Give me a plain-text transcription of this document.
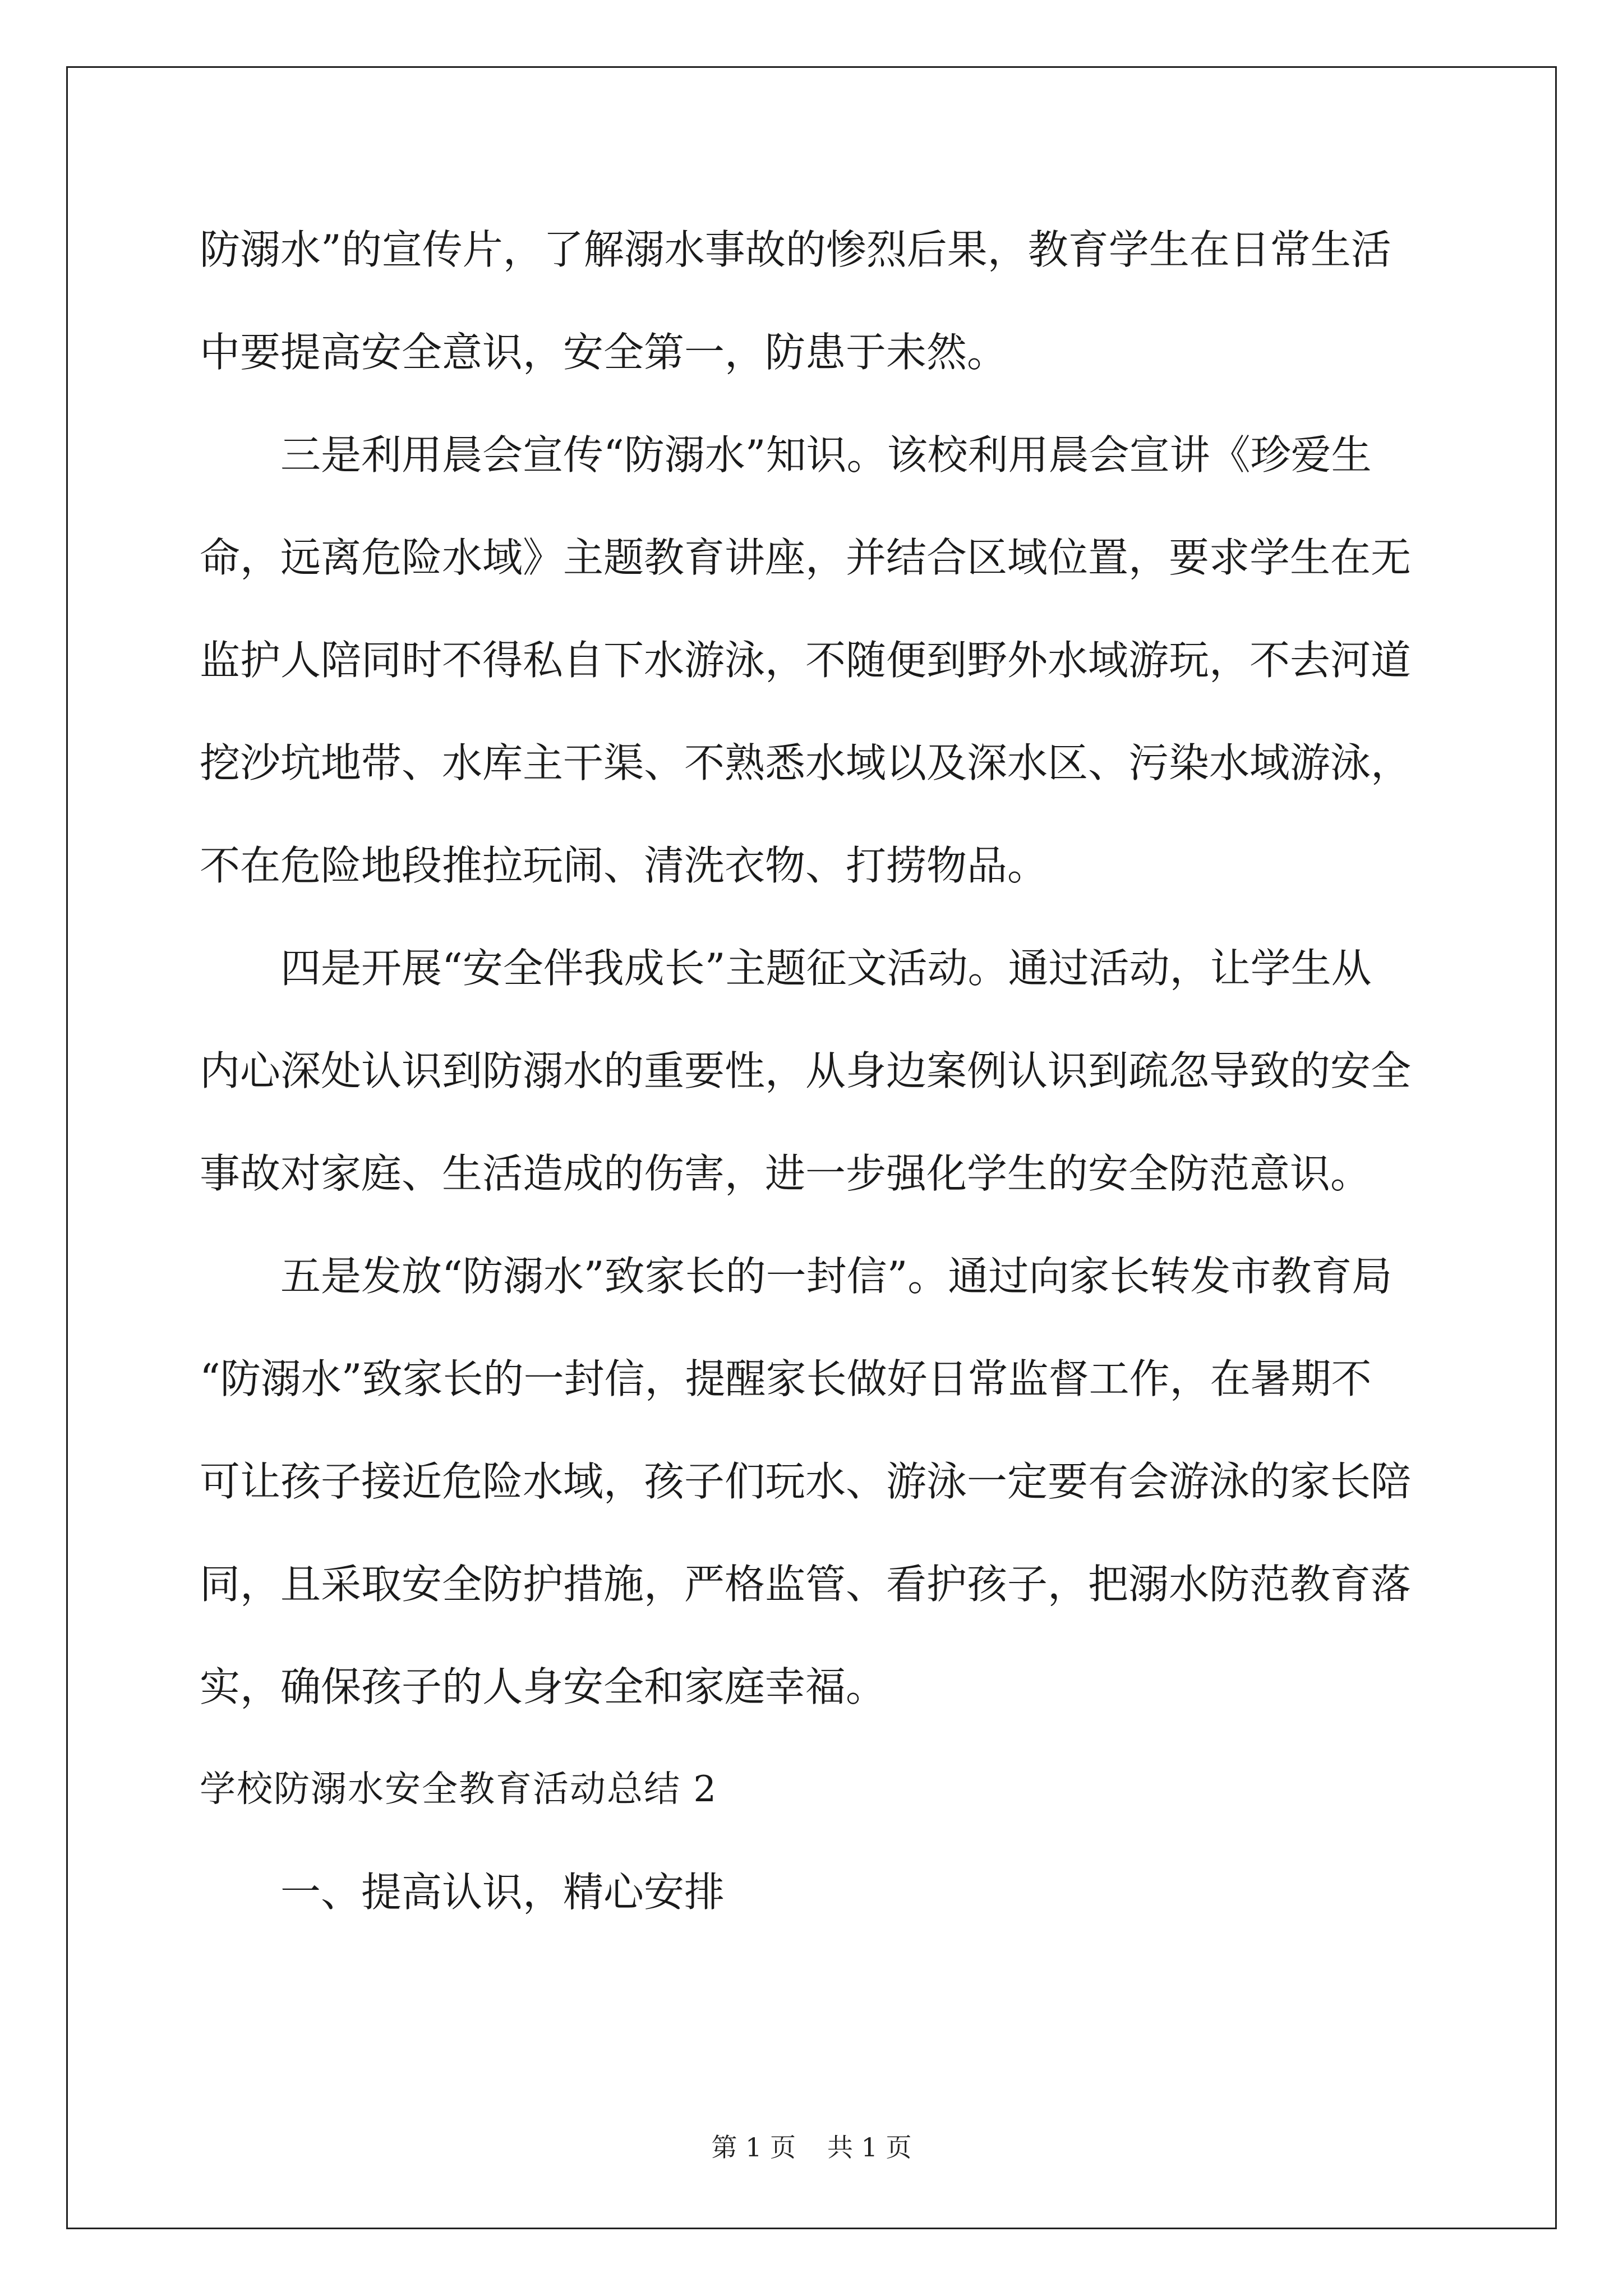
防溺水”的宣传片，了解溺水事故的惨烈后果，教育学生在日常生活
中要提高安全意识，安全第一，防患于未然。
三是利用晨会宣传“防溺水”知识。该校利用晨会宣讲《珍爱生
命，远离危险水域》主题教育讲座，并结合区域位置，要求学生在无
监护人陪同时不得私自下水游泳，不随便到野外水域游玩，不去河道
挖沙坑地带、水库主干渠、不熟悉水域以及深水区、污染水域游泳，
不在危险地段推拉玩闹、清洗衣物、打捞物品。
四是开展“安全伴我成长”主题征文活动。通过活动，让学生从
内心深处认识到防溺水的重要性，从身边案例认识到疏忽导致的安全
事故对家庭、生活造成的伤害，进一步强化学生的安全防范意识。
五是发放“防溺水”致家长的一封信”。通过向家长转发市教育局
“防溺水”致家长的一封信，提醒家长做好日常监督工作，在暑期不
可让孩子接近危险水域，孩子们玩水、游泳一定要有会游泳的家长陪
同，且采取安全防护措施，严格监管、看护孩子，把溺水防范教育落
实，确保孩子的人身安全和家庭幸福。
学校防溺水安全教育活动总结 2
一、提高认识，精心安排
第 1 页 共 1 页
